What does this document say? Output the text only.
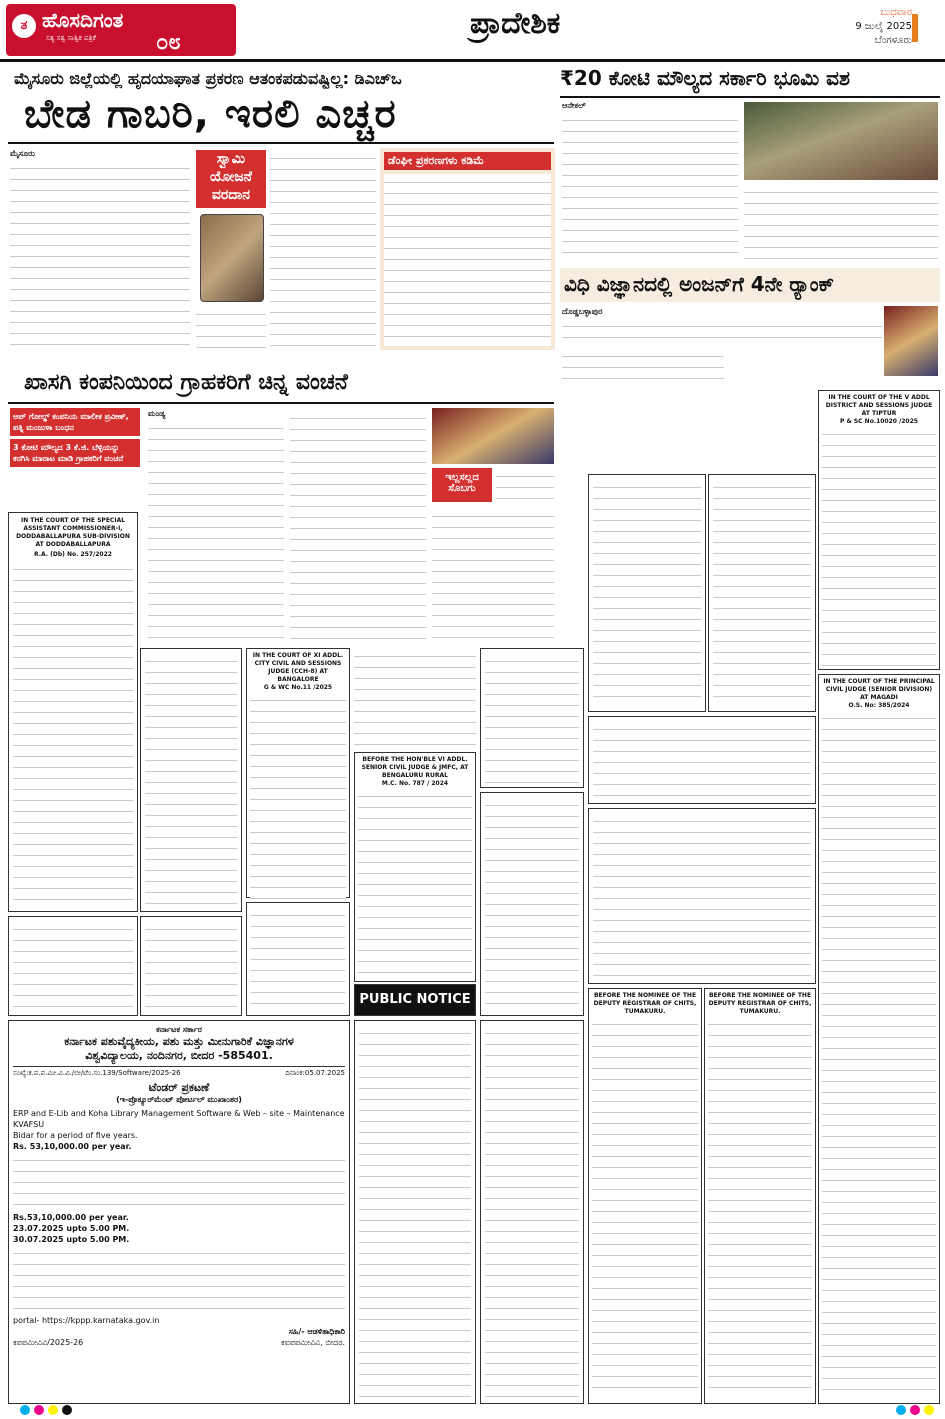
ತ ಹೊಸದಿಗಂತ
ಸತ್ಯ ಸತ್ವ ಸಾತ್ವಿಕ ಪತ್ರಿಕೆ	೦೮
ಪ್ರಾದೇಶಿಕ	ಬುಧವಾರ
9 ಜುಲೈ 2025
ಬೆಂಗಳೂರು
ಮೈಸೂರು ಜಿಲ್ಲೆಯಲ್ಲಿ ಹೃದಯಾಘಾತ ಪ್ರಕರಣ ಆತಂಕಪಡುವಷ್ಟಿಲ್ಲ: ಡಿಎಚ್‌ಒ
ಬೇಡ ಗಾಬರಿ, ಇರಲಿ ಎಚ್ಚರ
ಮೈಸೂರು	ಸ್ವಾಮಿ
ಯೋಜನೆ
ವರದಾನ
ಡೆಂಘೀ ಪ್ರಕರಣಗಳು ಕಡಿಮೆ
₹20 ಕೋಟಿ ಮೌಲ್ಯದ ಸರ್ಕಾರಿ ಭೂಮಿ ವಶ
ಆನೇಕಲ್
ವಿಧಿ ವಿಜ್ಞಾನದಲ್ಲಿ ಅಂಜನ್‌ಗೆ 4ನೇ ರ‍್ಯಾಂಕ್
ದೊಡ್ಡಬಳ್ಳಾಪುರ
ಖಾಸಗಿ ಕಂಪನಿಯಿಂದ ಗ್ರಾಹಕರಿಗೆ ಚಿನ್ನ ವಂಚನೆ
ಆಪ್ ಗೋಲ್ಡ್ ಕಂಪನಿಯ ಮಾಲೀಕ ಪ್ರವೀಣ್, ಪತ್ನಿ ಮಂಜುಳಾ ಬಂಧನ
3 ಕೋಟಿ ಮೌಲ್ಯದ 3 ಕೆ.ಜಿ. ಬೆಳ್ಳಿಯನ್ನು ಕರಗಿಸಿ ಮಾರಾಟ ಮಾಡಿ ಗ್ರಾಹಕರಿಗೆ ವಂಚನೆ
ಮಂಡ್ಯ
ಇಲ್ಲಸಲ್ಲದ ಸೊಬಗು
IN THE COURT OF THE SPECIAL ASSISTANT COMMISSIONER-I, DODDABALLAPURA SUB-DIVISION AT DODDABALLAPURA
R.A. (Db) No. 257/2022
IN THE COURT OF XI ADDL. CITY CIVIL AND SESSIONS JUDGE (CCH-8) AT BANGALORE
G & WC No.11 /2025
BEFORE THE HON'BLE VI ADDL. SENIOR CIVIL JUDGE & JMFC, AT BENGALURU RURAL
M.C. No. 787 / 2024
PUBLIC NOTICE
IN THE COURT OF THE V ADDL DISTRICT AND SESSIONS JUDGE AT TIPTUR
P & SC No.10020 /2025
IN THE COURT OF THE PRINCIPAL CIVIL JUDGE (SENIOR DIVISION) AT MAGADI
O.S. No: 385/2024
BEFORE THE NOMINEE OF THE DEPUTY REGISTRAR OF CHITS, TUMAKURU.
BEFORE THE NOMINEE OF THE DEPUTY REGISTRAR OF CHITS, TUMAKURU.
ಕರ್ನಾಟಕ ಸರ್ಕಾರ
ಕರ್ನಾಟಕ ಪಶುವೈದ್ಯಕೀಯ, ಪಶು ಮತ್ತು ಮೀನುಗಾರಿಕೆ ವಿಜ್ಞಾನಗಳ
ವಿಶ್ವವಿದ್ಯಾಲಯ, ನಂದಿನಗರ, ಬೀದರ -585401.
ಸಂಖ್ಯೆ:ಕ.ಪ.ಪ.ಮೀ.ವಿ.ವಿ./ಬೀ/ಟೆಂ.ಸಂ.139/Software/2025-26	ದಿನಾಂಕ:05.07.2025
ಟೆಂಡರ್ ಪ್ರಕಟಣೆ
(ಇ-ಪ್ರೊಕ್ಯೂರ್‌ಮೆಂಟ್ ಪೋರ್ಟಲ್ ಮುಖಾಂತರ)
ERP and E-Lib and Koha Library Management Software & Web – site – Maintenance KVAFSU
Bidar for a period of five years.
Rs. 53,10,000.00 per year.
Rs.53,10,000.00 per year.
23.07.2025 upto 5.00 PM.
30.07.2025 upto 5.00 PM.
portal- https://kppp.karnataka.gov.in
ಸಹಿ/- ಆಡಳಿತಾಧಿಕಾರಿ
ಕಪಪಮೀವಿವಿ/2025-26	ಕವಪಪಮೀವಿವಿ, ಬೀದರ.
